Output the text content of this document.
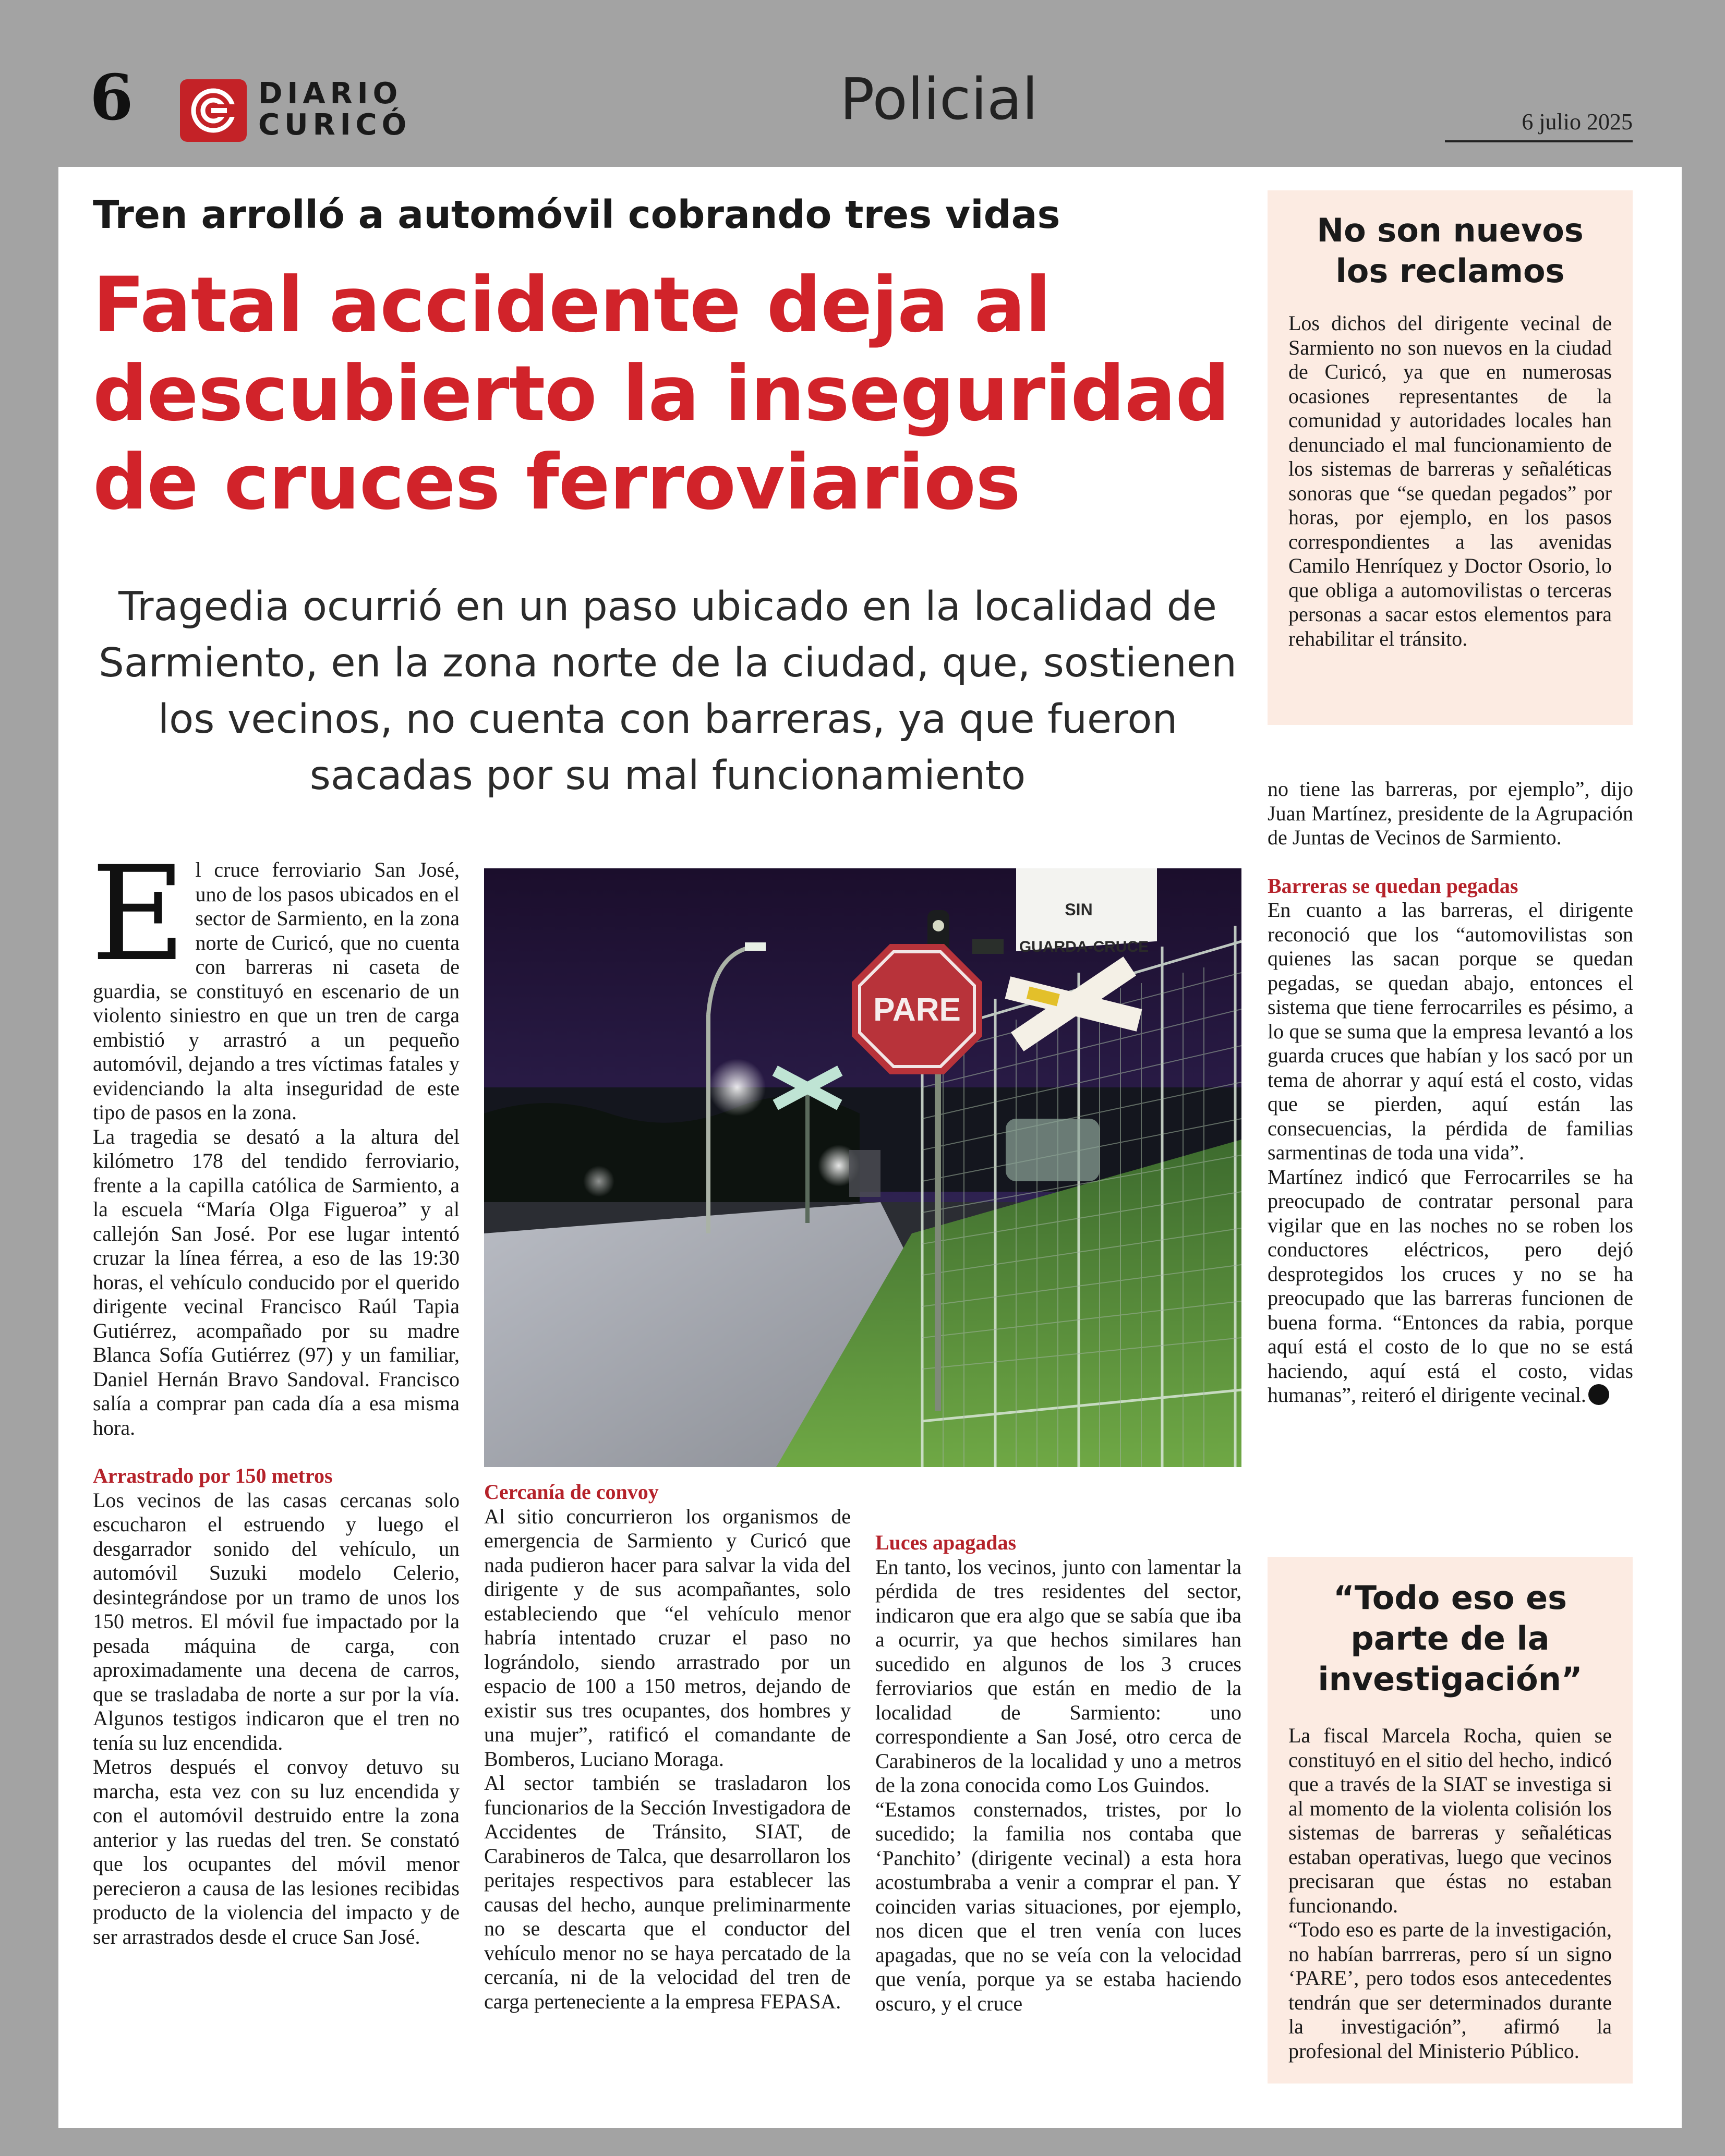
6	DIARIO
CURICÓ	Policial	6 julio 2025
Tren arrolló a automóvil cobrando tres vidas
Fatal accidente deja al descubierto la inseguridad de cruces ferroviarios
Tragedia ocurrió en un paso ubicado en la localidad de Sarmiento, en la zona norte de la ciudad, que, sostienen los vecinos, no cuenta con barreras, ya que fueron sacadas por su mal funcionamiento

El cruce ferroviario San José, uno de los pasos ubicados en el sector de Sarmiento, en la zona norte de Curicó, que no cuenta con barreras ni caseta de guardia, se constituyó en escenario de un violento siniestro en que un tren de carga embistió y arrastró a un pequeño automóvil, dejando a tres víctimas fatales y evidenciando la alta inseguridad de este tipo de pasos en la zona.

La tragedia se desató a la altura del kilómetro 178 del tendido ferroviario, frente a la capilla católica de Sarmiento, a la escuela “María Olga Figueroa” y al callejón San José. Por ese lugar intentó cruzar la línea férrea, a eso de las 19:30 horas, el vehículo conducido por el querido dirigente vecinal Francisco Raúl Tapia Gutiérrez, acompañado por su madre Blanca Sofía Gutiérrez (97) y un familiar, Daniel Hernán Bravo Sandoval. Francisco salía a comprar pan cada día a esa misma hora.

Arrastrado por 150 metros

Los vecinos de las casas cercanas solo escucharon el estruendo y luego el desgarrador sonido del vehículo, un automóvil Suzuki modelo Celerio, desintegrándose por un tramo de unos los 150 metros. El móvil fue impactado por la pesada máquina de carga, con aproximadamente una decena de carros, que se trasladaba de norte a sur por la vía. Algunos testigos indicaron que el tren no tenía su luz encendida.

Metros después el convoy detuvo su marcha, esta vez con su luz encendida y con el automóvil destruido entre la zona anterior y las ruedas del tren. Se constató que los ocupantes del móvil menor perecieron a causa de las lesiones recibidas producto de la violencia del impacto y de ser arrastrados desde el cruce San José.

SIN
GUARDA-CRUCE
PARE

Cercanía de convoy

Al sitio concurrieron los organismos de emergencia de Sarmiento y Curicó que nada pudieron hacer para salvar la vida del dirigente y de sus acompañantes, solo estableciendo que “el vehículo menor habría intentado cruzar el paso no lográndolo, siendo arrastrado por un espacio de 100 a 150 metros, dejando de existir sus tres ocupantes, dos hombres y una mujer”, ratificó el comandante de Bomberos, Luciano Moraga.

Al sector también se trasladaron los funcionarios de la Sección Investigadora de Accidentes de Tránsito, SIAT, de Carabineros de Talca, que desarrollaron los peritajes respectivos para establecer las causas del hecho, aunque preliminarmente no se descarta que el conductor del vehículo menor no se haya percatado de la cercanía, ni de la velocidad del tren de carga perteneciente a la empresa FEPASA.

Luces apagadas

En tanto, los vecinos, junto con lamentar la pérdida de tres residentes del sector, indicaron que era algo que se sabía que iba a ocurrir, ya que hechos similares han sucedido en algunos de los 3 cruces ferroviarios que están en medio de la localidad de Sarmiento: uno correspondiente a San José, otro cerca de Carabineros de la localidad y uno a metros de la zona conocida como Los Guindos.

“Estamos consternados, tristes, por lo sucedido; la familia nos contaba que ‘Panchito’ (dirigente vecinal) a esta hora acostumbraba a venir a comprar el pan. Y coinciden varias situaciones, por ejemplo, nos dicen que el tren venía con luces apagadas, que no se veía con la velocidad que venía, porque ya se estaba haciendo oscuro, y el cruce

no tiene las barreras, por ejemplo”, dijo Juan Martínez, presidente de la Agrupación de Juntas de Vecinos de Sarmiento.

Barreras se quedan pegadas

En cuanto a las barreras, el dirigente reconoció que los “automovilistas son quienes las sacan porque se quedan pegadas, se quedan abajo, entonces el sistema que tiene ferrocarriles es pésimo, a lo que se suma que la empresa levantó a los guarda cruces que habían y los sacó por un tema de ahorrar y aquí está el costo, vidas que se pierden, aquí están las consecuencias, la pérdida de familias sarmentinas de toda una vida”.

Martínez indicó que Ferrocarriles se ha preocupado de contratar personal para vigilar que en las noches no se roben los conductores eléctricos, pero dejó desprotegidos los cruces y no se ha preocupado que las barreras funcionen de buena forma. “Entonces da rabia, porque aquí está el costo de lo que no se está haciendo, aquí está el costo, vidas humanas”, reiteró el dirigente vecinal.

No son nuevos los reclamos
Los dichos del dirigente vecinal de Sarmiento no son nuevos en la ciudad de Curicó, ya que en numerosas ocasiones representantes de la comunidad y autoridades locales han denunciado el mal funcionamiento de los sistemas de barreras y señaléticas sonoras que “se quedan pegados” por horas, por ejemplo, en los pasos correspondientes a las avenidas Camilo Henríquez y Doctor Osorio, lo que obliga a automovilistas o terceras personas a sacar estos elementos para rehabilitar el tránsito.
“Todo eso es parte de la investigación”

La fiscal Marcela Rocha, quien se constituyó en el sitio del hecho, indicó que a través de la SIAT se investiga si al momento de la violenta colisión los sistemas de barreras y señaléticas estaban operativas, luego que vecinos precisaran que éstas no estaban funcionando.

“Todo eso es parte de la investigación, no habían barrreras, pero sí un signo ‘PARE’, pero todos esos antecedentes tendrán que ser determinados durante la investigación”, afirmó la profesional del Ministerio Público.
